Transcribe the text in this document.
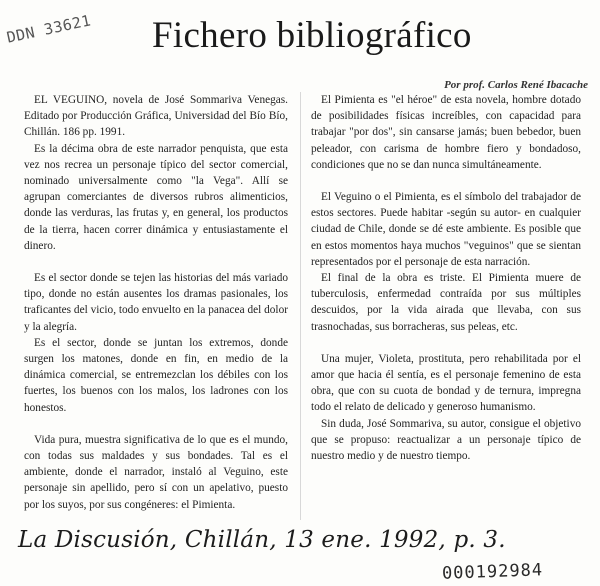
DDN 33621 Fichero bibliográfico
Por prof. Carlos René Ibacache

EL VEGUINO, novela de José Sommariva Venegas. Editado por Producción Gráfica, Universidad del Bío Bío, Chillán. 186 pp. 1991.

Es la décima obra de este narrador penquista, que esta vez nos recrea un personaje típico del sector comercial, nominado universalmente como "la Vega". Allí se agrupan comerciantes de diversos rubros alimenticios, donde las verduras, las frutas y, en general, los productos de la tierra, hacen correr dinámica y entusiastamente el dinero.

Es el sector donde se tejen las historias del más variado tipo, donde no están ausentes los dramas pasionales, los traficantes del vicio, todo envuelto en la panacea del dolor y la alegría.

Es el sector, donde se juntan los extremos, donde surgen los matones, donde en fin, en medio de la dinámica comercial, se entremezclan los débiles con los fuertes, los buenos con los malos, los ladrones con los honestos.

Vida pura, muestra significativa de lo que es el mundo, con todas sus maldades y sus bondades. Tal es el ambiente, donde el narrador, instaló al Veguino, este personaje sin apellido, pero sí con un apelativo, puesto por los suyos, por sus congéneres: el Pimienta.

El Pimienta es "el héroe" de esta novela, hombre dotado de posibilidades físicas increíbles, con capacidad para trabajar "por dos", sin cansarse jamás; buen bebedor, buen peleador, con carisma de hombre fiero y bondadoso, condiciones que no se dan nunca simultáneamente.

El Veguino o el Pimienta, es el símbolo del trabajador de estos sectores. Puede habitar -según su autor- en cualquier ciudad de Chile, donde se dé este ambiente. Es posible que en estos momentos haya muchos "veguinos" que se sientan representados por el personaje de esta narración.

El final de la obra es triste. El Pimienta muere de tuberculosis, enfermedad contraída por sus múltiples descuidos, por la vida airada que llevaba, con sus trasnochadas, sus borracheras, sus peleas, etc.

Una mujer, Violeta, prostituta, pero rehabilitada por el amor que hacia él sentía, es el personaje femenino de esta obra, que con su cuota de bondad y de ternura, impregna todo el relato de delicado y generoso humanismo.

Sin duda, José Sommariva, su autor, consigue el objetivo que se propuso: reactualizar a un personaje típico de nuestro medio y de nuestro tiempo.

La Discusión, Chillán, 13 ene. 1992, p. 3.
000192984
